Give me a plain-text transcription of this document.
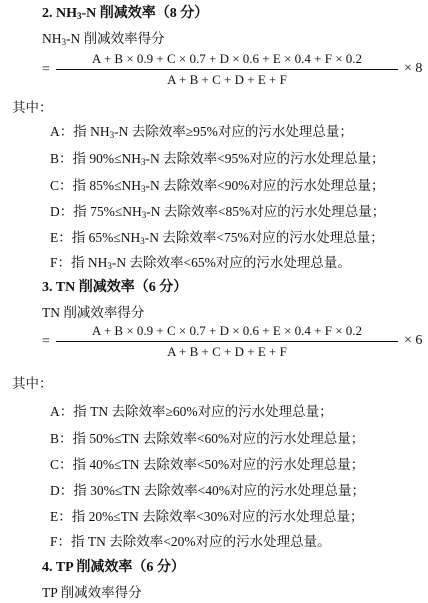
2. $NH_3-N$ 削减效率（8 分）
$NH_3-N$ 削减效率得分
=
A + B × 0.9 + C × 0.7 + D × 0.6 + E × 0.4 + F × 0.2
A + B + C + D + E + F
× 8
其中：
A：指 $NH_3-N$ 去除效率≥95%对应的污水处理总量；
B：指 $90\%\le NH_3-N$ 去除效率<95%对应的污水处理总量；
C：指 $85\%\le NH_3-N$ 去除效率<90%对应的污水处理总量；
D：指 $75\%\le NH_3-N$ 去除效率<85%对应的污水处理总量；
E：指 $65\%\le NH_3-N$ 去除效率<75%对应的污水处理总量；
F：指 $NH_3-N$ 去除效率<65%对应的污水处理总量。
3. TN 削减效率（6 分）
TN 削减效率得分
=
A + B × 0.9 + C × 0.7 + D × 0.6 + E × 0.4 + F × 0.2
A + B + C + D + E + F
× 6
其中：
A：指 TN 去除效率≥60%对应的污水处理总量；
B：指 50%≤TN 去除效率<60%对应的污水处理总量；
C：指 40%≤TN 去除效率<50%对应的污水处理总量；
D：指 30%≤TN 去除效率<40%对应的污水处理总量；
E：指 20%≤TN 去除效率<30%对应的污水处理总量；
F：指 TN 去除效率<20%对应的污水处理总量。
4. TP 削减效率（6 分）
TP 削减效率得分
